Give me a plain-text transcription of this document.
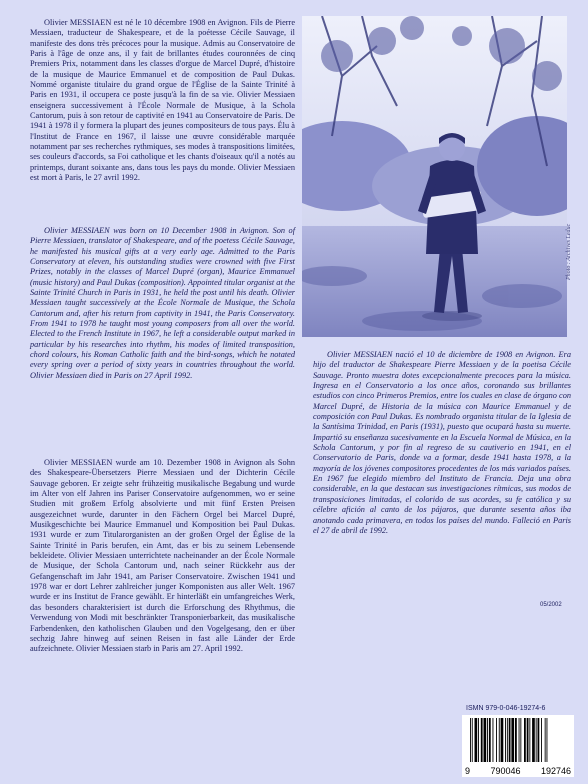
Olivier MESSIAEN est né le 10 décembre 1908 en Avignon. Fils de Pierre Messiaen, traducteur de Shakespeare, et de la poétesse Cécile Sauvage, il manifeste des dons très précoces pour la musique. Admis au Conservatoire de Paris à l'âge de onze ans, il y fait de brillantes études couronnées de cinq Premiers Prix, notamment dans les classes d'orgue de Marcel Dupré, d'histoire de la musique de Maurice Emmanuel et de composition de Paul Dukas. Nommé organiste titulaire du grand orgue de l'Église de la Sainte Trinité à Paris en 1931, il occupera ce poste jusqu'à la fin de sa vie. Olivier Messiaen enseignera successivement à l'École Normale de Musique, à la Schola Cantorum, puis à son retour de captivité en 1941 au Conservatoire de Paris. De 1941 à 1978 il y formera la plupart des jeunes compositeurs de tous pays. Élu à l'Institut de France en 1967, il laisse une œuvre considérable marquée notamment par ses recherches rythmiques, ses modes à transpositions limitées, ses couleurs d'accords, sa Foi catholique et les chants d'oiseaux qu'il a notés au printemps, durant soixante ans, dans tous les pays du monde. Olivier Messiaen est mort à Paris, le 27 avril 1992.

Olivier MESSIAEN was born on 10 December 1908 in Avignon. Son of Pierre Messiaen, translator of Shakespeare, and of the poetess Cécile Sauvage, he manifested his musical gifts at a very early age. Admitted to the Paris Conservatory at eleven, his outstanding studies were crowned with five First Prizes, notably in the classes of Marcel Dupré (organ), Maurice Emmanuel (music history) and Paul Dukas (composition). Appointed titular organist at the Sainte Trinité Church in Paris in 1931, he held the post until his death. Olivier Messiaen taught successively at the École Normale de Musique, the Schola Cantorum and, after his return from captivity in 1941, the Paris Conservatory. From 1941 to 1978 he taught most young composers from all over the world. Elected to the French Institute in 1967, he left a considerable output marked in particular by his researches into rhythm, his modes of limited transposition, chord colours, his Roman Catholic faith and the bird-songs, which he notated every spring over a period of sixty years in countries throughout the world. Olivier Messiaen died in Paris on 27 April 1992.

Olivier MESSIAEN wurde am 10. Dezember 1908 in Avignon als Sohn des Shakespeare-Übersetzers Pierre Messiaen und der Dichterin Cécile Sauvage geboren. Er zeigte sehr frühzeitig musikalische Begabung und wurde im Alter von elf Jahren ins Pariser Conservatoire aufgenommen, wo er seine Studien mit großem Erfolg absolvierte und mit fünf Ersten Preisen ausgezeichnet wurde, darunter in den Fächern Orgel bei Marcel Dupré, Musikgeschichte bei Maurice Emmanuel und Komposition bei Paul Dukas. 1931 wurde er zum Titularorganisten an der großen Orgel der Église de la Sainte Trinité in Paris berufen, ein Amt, das er bis zu seinem Lebensende bekleidete. Olivier Messiaen unterrichtete nacheinander an der École Normale de Musique, der Schola Cantorum und, nach seiner Rückkehr aus der Gefangenschaft im Jahr 1941, am Pariser Conservatoire. Zwischen 1941 und 1978 war er dort Lehrer zahlreicher junger Komponisten aus aller Welt. 1967 wurde er ins Institut de France gewählt. Er hinterläßt ein umfangreiches Werk, das besonders charakterisiert ist durch die Erforschung des Rhythmus, die Verwendung von Modi mit beschränkter Transponierbarkeit, das musikalische Farbendenken, den katholischen Glauben und den Vogelgesang, den er über sechzig Jahre hinweg auf seinen Reisen in fast alle Länder der Erde aufzeichnete. Olivier Messiaen starb in Paris am 27. April 1992.

Photo : Archives Leduc

Olivier MESSIAEN nació el 10 de diciembre de 1908 en Avignon. Era hijo del traductor de Shakespeare Pierre Messiaen y de la poetisa Cécile Sauvage. Pronto muestra dotes excepcionalmente precoces para la música. Ingresa en el Conservatorio a los once años, coronando sus brillantes estudios con cinco Primeros Premios, entre los cuales en clase de órgano con Marcel Dupré, de Historia de la música con Maurice Emmanuel y de composición con Paul Dukas. Es nombrado organista titular de la Iglesia de la Santísima Trinidad, en Paris (1931), puesto que ocupará hasta su muerte. Impartió su enseñanza sucesivamente en la Escuela Normal de Música, en la Schola Cantorum, y por fin al regreso de su cautiverio en 1941, en el Conservatorio de Paris, donde va a formar, desde 1941 hasta 1978, a la mayoría de los jóvenes compositores procedentes de los más variados países. En 1967 fue elegido miembro del Instituto de Francia. Deja una obra considerable, en la que destacan sus investigaciones rítmicas, sus modos de transposiciones limitadas, el colorido de sus acordes, su fe católica y su célebre afición al canto de los pájaros, que durante sesenta años iba anotando cada primavera, en todos los países del mundo. Falleció en Paris el 27 de abril de 1992.

05/2002
ISMN 979-0-046-19274-6
9 790046 192746
